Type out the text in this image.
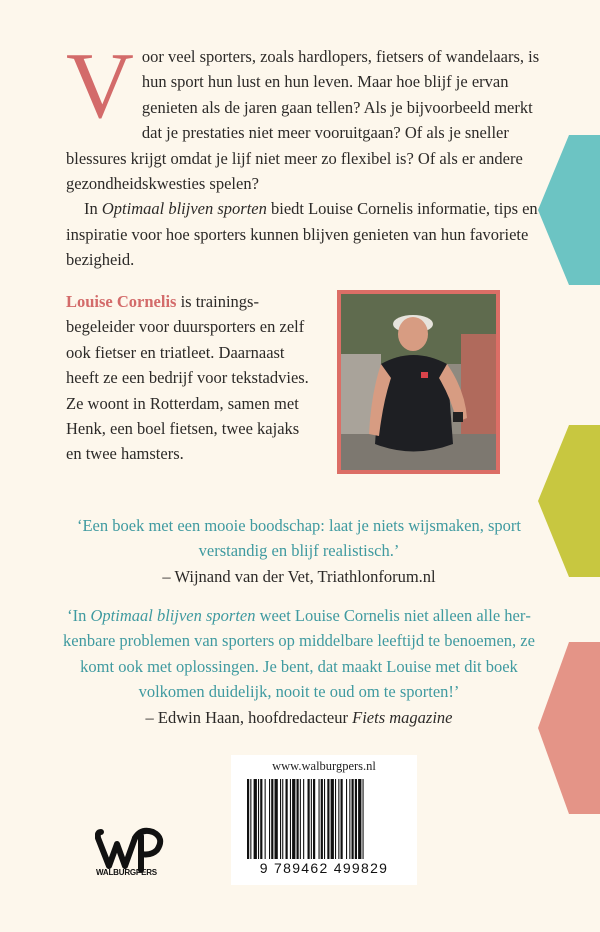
V oor veel sporters, zoals hardlopers, fietsers of wandelaars, is hun sport hun lust en hun leven. Maar hoe blijf je ervan genieten als de jaren gaan tellen? Als je bijvoorbeeld merkt dat je prestaties niet meer vooruitgaan? Of als je sneller blessures krijgt omdat je lijf niet meer zo flexibel is? Of als er andere gezondheidskwesties spelen?

In Optimaal blijven sporten biedt Louise Cornelis informatie, tips en inspiratie voor hoe sporters kunnen blijven genieten van hun favoriete bezigheid.

Louise Cornelis is trainingsbegeleider voor duursporters en zelf ook fietser en triatleet. Daarnaast heeft ze een bedrijf voor tekstadvies. Ze woont in Rotterdam, samen met Henk, een boel fietsen, twee kajaks en twee hamsters.
‘Een boek met een mooie boodschap: laat je niets wijsmaken, sport verstandig en blijf realistisch.’
– Wijnand van der Vet, Triathlonforum.nl
‘In Optimaal blijven sporten weet Louise Cornelis niet alleen alle herkenbare problemen van sporters op middelbare leeftijd te benoemen, ze komt ook met oplossingen. Je bent, dat maakt Louise met dit boek volkomen duidelijk, nooit te oud om te sporten!’
– Edwin Haan, hoofdredacteur Fiets magazine
WALBURGPERS
www.walburgpers.nl
9 789462 499829
